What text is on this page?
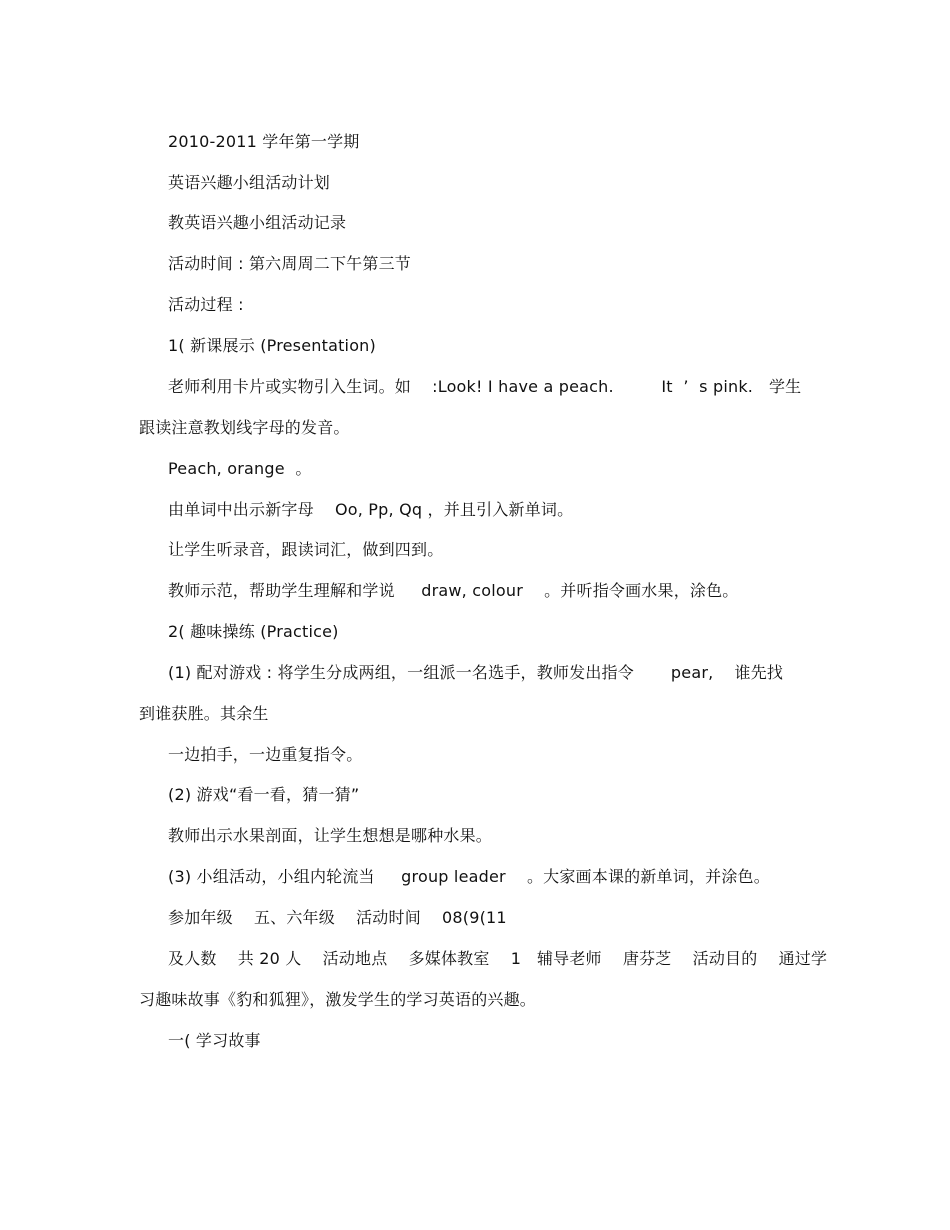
2010-2011 学年第一学期
英语兴趣小组活动计划
教英语兴趣小组活动记录
活动时间 : 第六周周二下午第三节
活动过程 :
1( 新课展示 (Presentation)
老师利用卡片或实物引入生词。如    :Look! I have a peach.         It  ’  s pink.   学生
跟读注意教划线字母的发音。
Peach, orange  。
由单词中出示新字母    Oo, Pp, Qq ，并且引入新单词。
让学生听录音，跟读词汇，做到四到。
教师示范，帮助学生理解和学说     draw, colour    。并听指令画水果，涂色。
2( 趣味操练 (Practice)
(1) 配对游戏 : 将学生分成两组，一组派一名选手，教师发出指令       pear,    谁先找
到谁获胜。其余生
一边拍手，一边重复指令。
(2) 游戏“看一看，猜一猜”
教师出示水果剖面，让学生想想是哪种水果。
(3) 小组活动，小组内轮流当     group leader    。大家画本课的新单词，并涂色。
参加年级    五、六年级    活动时间    08(9(11
及人数    共 20 人    活动地点    多媒体教室    1   辅导老师    唐芬芝    活动目的    通过学
习趣味故事《豹和狐狸》，激发学生的学习英语的兴趣。
一( 学习故事
